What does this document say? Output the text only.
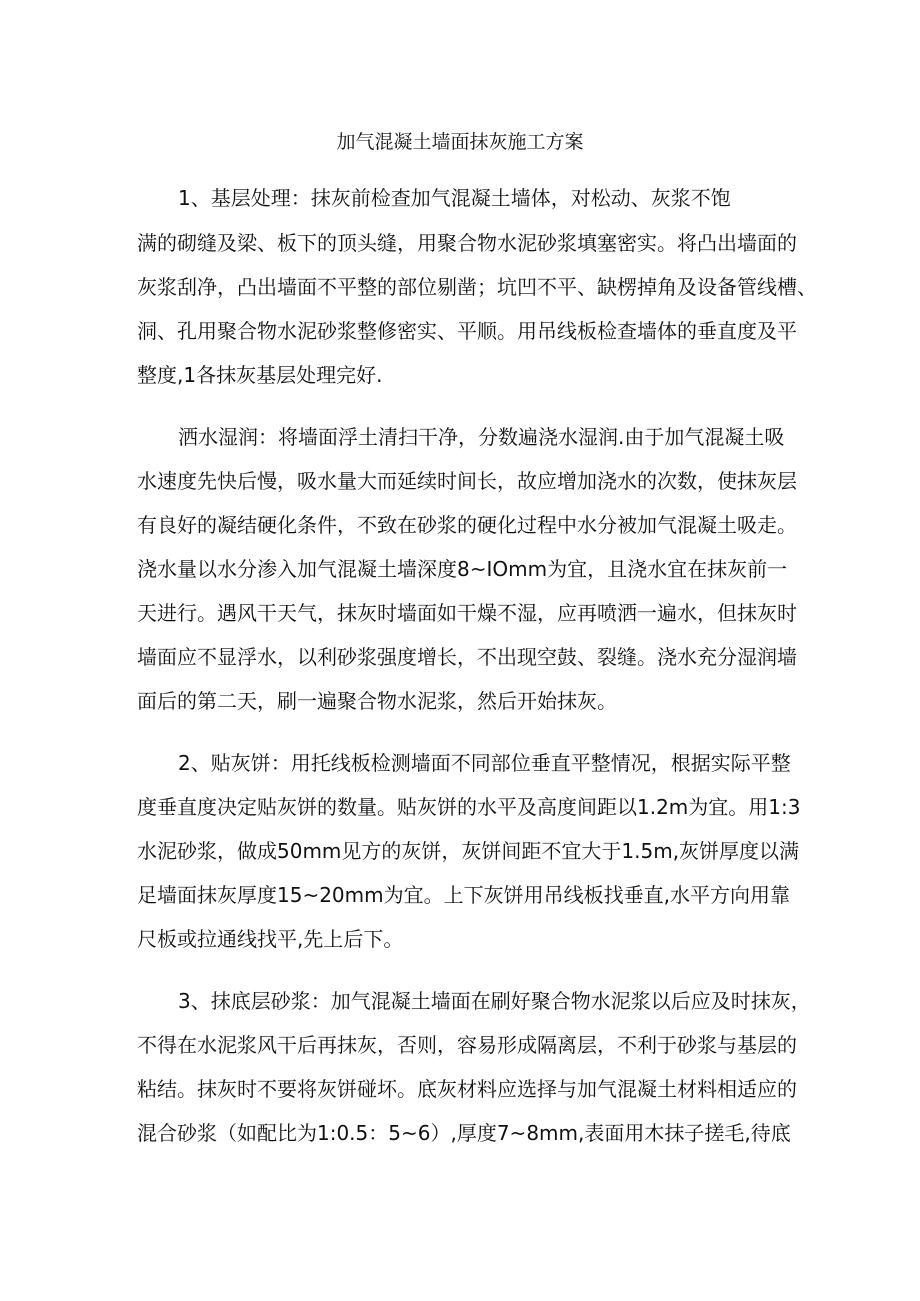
加气混凝土墙面抹灰施工方案
1、基层处理：抹灰前检查加气混凝土墙体，对松动、灰浆不饱
满的砌缝及梁、板下的顶头缝，用聚合物水泥砂浆填塞密实。将凸出墙面的
灰浆刮净，凸出墙面不平整的部位剔凿；坑凹不平、缺楞掉角及设备管线槽、
洞、孔用聚合物水泥砂浆整修密实、平顺。用吊线板检查墙体的垂直度及平
整度,1各抹灰基层处理完好.
洒水湿润：将墙面浮土清扫干净，分数遍浇水湿润.由于加气混凝土吸
水速度先快后慢，吸水量大而延续时间长，故应增加浇水的次数，使抹灰层
有良好的凝结硬化条件，不致在砂浆的硬化过程中水分被加气混凝土吸走。
浇水量以水分渗入加气混凝土墙深度8~IOmm为宜，且浇水宜在抹灰前一
天进行。遇风干天气，抹灰时墙面如干燥不湿，应再喷洒一遍水，但抹灰时
墙面应不显浮水，以利砂浆强度增长，不出现空鼓、裂缝。浇水充分湿润墙
面后的第二天，刷一遍聚合物水泥浆，然后开始抹灰。
2、贴灰饼：用托线板检测墙面不同部位垂直平整情况，根据实际平整
度垂直度决定贴灰饼的数量。贴灰饼的水平及高度间距以1.2m为宜。用1:3
水泥砂浆，做成50mm见方的灰饼，灰饼间距不宜大于1.5m,灰饼厚度以满
足墙面抹灰厚度15~20mm为宜。上下灰饼用吊线板找垂直,水平方向用靠
尺板或拉通线找平,先上后下。
3、抹底层砂浆：加气混凝土墙面在刷好聚合物水泥浆以后应及时抹灰，
不得在水泥浆风干后再抹灰，否则，容易形成隔离层，不利于砂浆与基层的
粘结。抹灰时不要将灰饼碰坏。底灰材料应选择与加气混凝土材料相适应的
混合砂浆（如配比为1:0.5：5~6）,厚度7~8mm,表面用木抹子搓毛,待底
